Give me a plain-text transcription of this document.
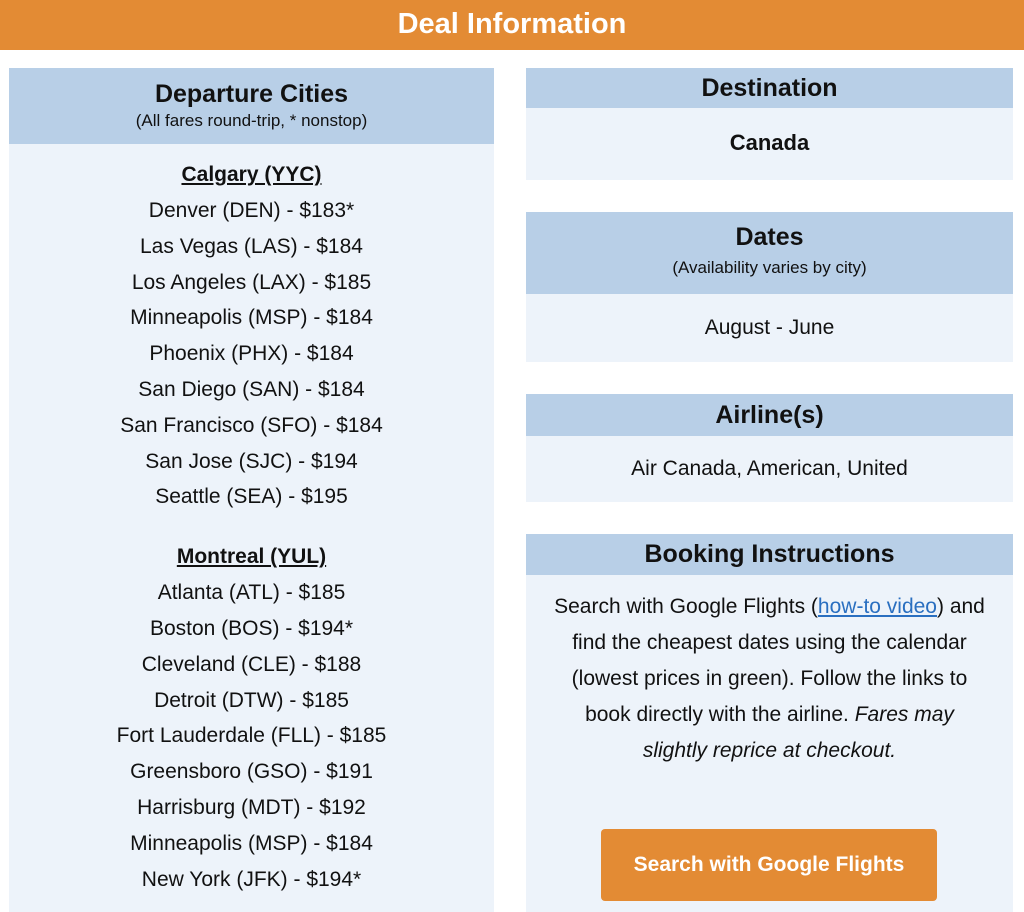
Deal Information
Departure Cities
(All fares round-trip, * nonstop)
Calgary (YYC)
Denver (DEN) - $183*
Las Vegas (LAS) - $184
Los Angeles (LAX) - $185
Minneapolis (MSP) - $184
Phoenix (PHX) - $184
San Diego (SAN) - $184
San Francisco (SFO) - $184
San Jose (SJC) - $194
Seattle (SEA) - $195
Montreal (YUL)
Atlanta (ATL) - $185
Boston (BOS) - $194*
Cleveland (CLE) - $188
Detroit (DTW) - $185
Fort Lauderdale (FLL) - $185
Greensboro (GSO) - $191
Harrisburg (MDT) - $192
Minneapolis (MSP) - $184
New York (JFK) - $194*
Destination
Canada
Dates
(Availability varies by city)
August - June
Airline(s)
Air Canada, American, United
Booking Instructions
Search with Google Flights (how-to video) and find the cheapest dates using the calendar (lowest prices in green). Follow the links to book directly with the airline. Fares may slightly reprice at checkout.
Search with Google Flights
